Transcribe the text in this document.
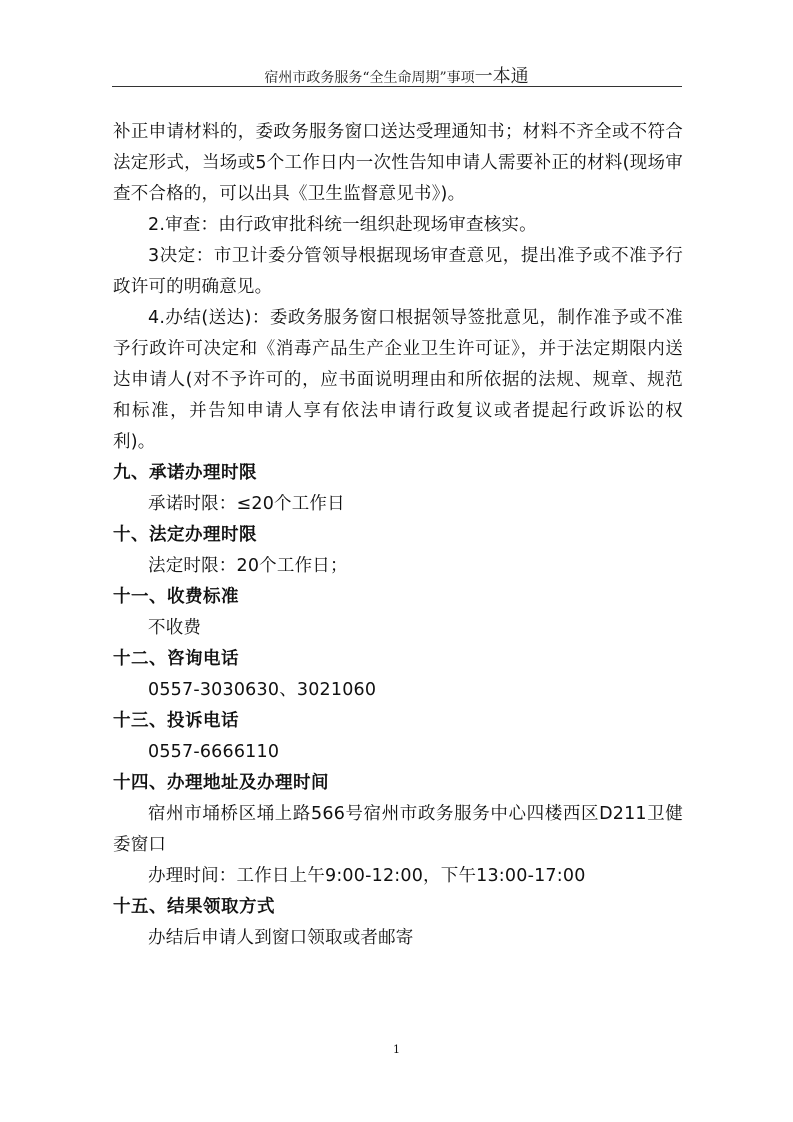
宿州市政务服务“全生命周期”事项一本通

补正申请材料的，委政务服务窗口送达受理通知书；材料不齐全或不符合法定形式，当场或5个工作日内一次性告知申请人需要补正的材料(现场审查不合格的，可以出具《卫生监督意见书》)。

2.审查：由行政审批科统一组织赴现场审查核实。

3决定：市卫计委分管领导根据现场审查意见，提出准予或不准予行政许可的明确意见。

4.办结(送达)：委政务服务窗口根据领导签批意见，制作准予或不准予行政许可决定和《消毒产品生产企业卫生许可证》，并于法定期限内送达申请人(对不予许可的，应书面说明理由和所依据的法规、规章、规范和标准，并告知申请人享有依法申请行政复议或者提起行政诉讼的权利)。

九、承诺办理时限

承诺时限：≤20个工作日

十、法定办理时限

法定时限：20个工作日；

十一、收费标准

不收费

十二、咨询电话

0557-3030630、3021060

十三、投诉电话

0557-6666110

十四、办理地址及办理时间

宿州市埇桥区埇上路566号宿州市政务服务中心四楼西区D211卫健委窗口

办理时间：工作日上午9:00-12:00，下午13:00-17:00

十五、结果领取方式

办结后申请人到窗口领取或者邮寄

1
